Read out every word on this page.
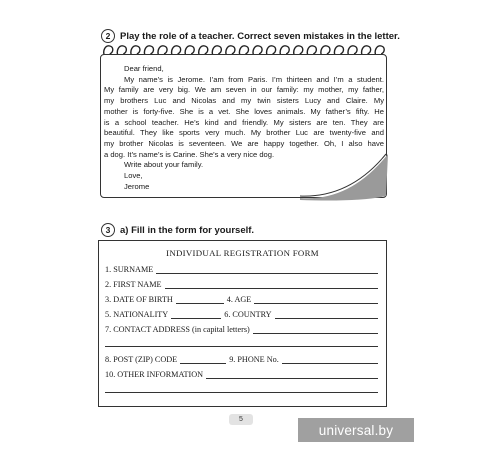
2	Play the role of a teacher. Correct seven mistakes in the letter.
Dear friend,
My name’s is Jerome. I’am from Paris. I’m thirteen and I’m a student.
My family are very big. We am seven in our family: my mother, my father,
my brothers Luc and Nicolas and my twin sisters Lucy and Claire. My
mother is forty-five. She is a vet. She loves animals. My father’s fifty. He
is a school teacher. He’s kind and friendly. My sisters are ten. They are
beautiful. They like sports very much. My brother Luc are twenty-five and
my brother Nicolas is seventeen. We are happy together. Oh, I also have
a dog. It’s name’s is Carine. She’s a very nice dog.
Write about your family.
Love,
Jerome
3	a) Fill in the form for yourself.
INDIVIDUAL REGISTRATION FORM
1. SURNAME
2. FIRST NAME
3. DATE OF BIRTH	4. AGE
5. NATIONALITY	6. COUNTRY
7. CONTACT ADDRESS (in capital letters)
8. POST (ZIP) CODE	9. PHONE No.
10. OTHER INFORMATION
5
universal.by
